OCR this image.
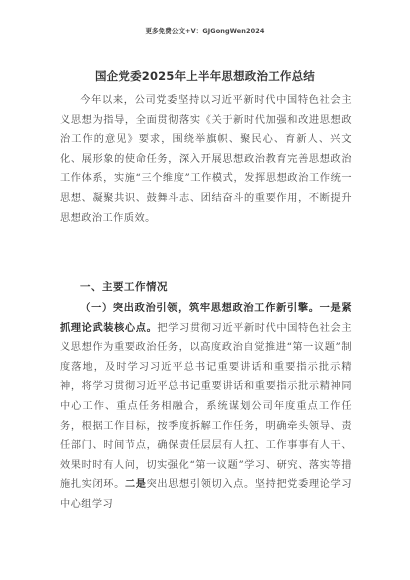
更多免费公文+V：GJGongWen2024
国企党委2025年上半年思想政治工作总结
今年以来，公司党委坚持以习近平新时代中国特色社会主义思想为指导，全面贯彻落实《关于新时代加强和改进思想政治工作的意见》要求，围绕举旗帜、聚民心、育新人、兴文化、展形象的使命任务，深入开展思想政治教育完善思想政治工作体系，实施“三个维度”工作模式，发挥思想政治工作统一思想、凝聚共识、鼓舞斗志、团结奋斗的重要作用，不断提升思想政治工作质效。
一、主要工作情况
（一）突出政治引领，筑牢思想政治工作新引擎。一是紧抓理论武装核心点。把学习贯彻习近平新时代中国特色社会主义思想作为重要政治任务，以高度政治自觉推进“第一议题”制度落地，及时学习习近平总书记重要讲话和重要指示批示精神，将学习贯彻习近平总书记重要讲话和重要指示批示精神同中心工作、重点任务相融合，系统谋划公司年度重点工作任务，根据工作目标，按季度拆解工作任务，明确牵头领导、责任部门、时间节点，确保责任层层有人扛、工作事事有人干、效果时时有人问，切实强化“第一议题”学习、研究、落实等措施扎实闭环。二是突出思想引领切入点。坚持把党委理论学习中心组学习
